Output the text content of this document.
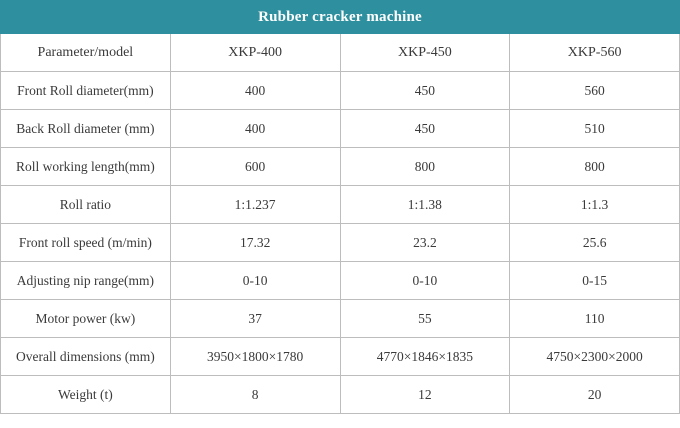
Rubber cracker machine			
Parameter/model	XKP-400	XKP-450	XKP-560
Front Roll diameter(mm)	400	450	560
Back Roll diameter (mm)	400	450	510
Roll working length(mm)	600	800	800
Roll ratio	1:1.237	1:1.38	1:1.3
Front roll speed (m/min)	17.32	23.2	25.6
Adjusting nip range(mm)	0-10	0-10	0-15
Motor power (kw)	37	55	110
Overall dimensions (mm)	3950×1800×1780	4770×1846×1835	4750×2300×2000
Weight (t)	8	12	20
